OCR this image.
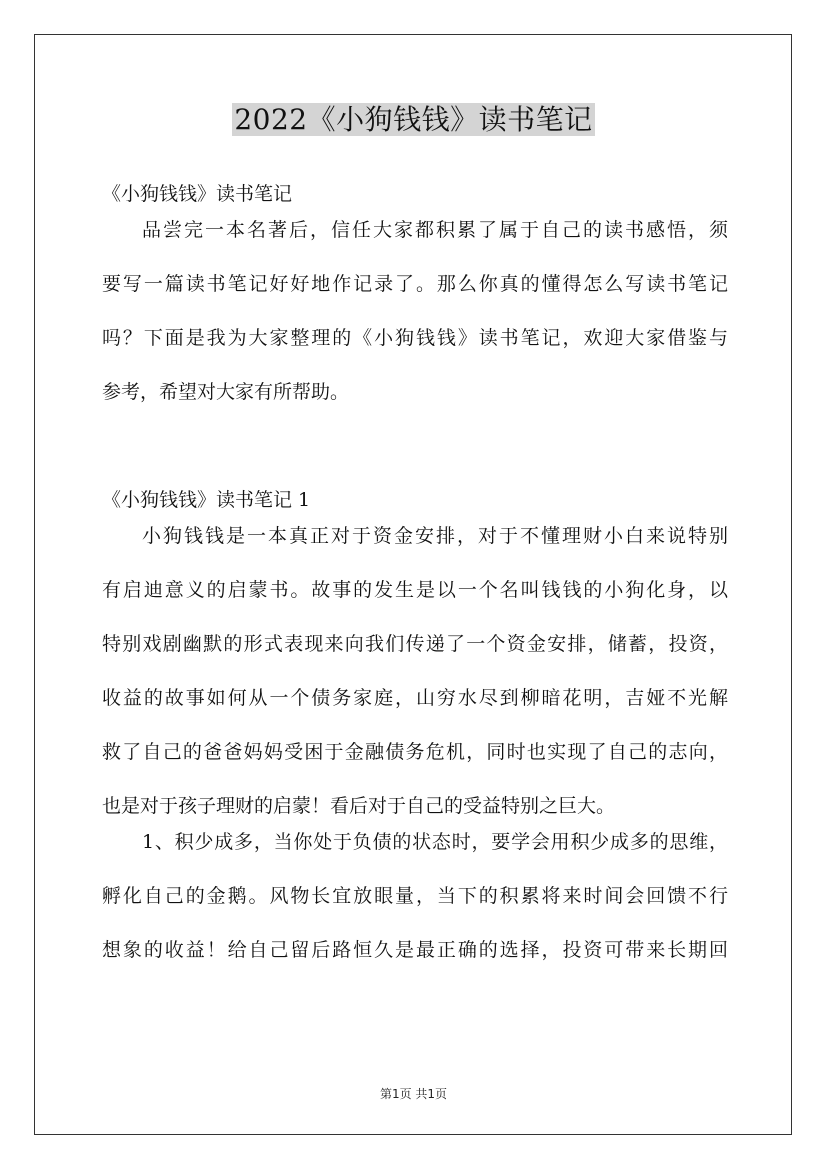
2022《小狗钱钱》读书笔记
《小狗钱钱》读书笔记
品尝完一本名著后，信任大家都积累了属于自己的读书感悟，须
要写一篇读书笔记好好地作记录了。那么你真的懂得怎么写读书笔记
吗？下面是我为大家整理的《小狗钱钱》读书笔记，欢迎大家借鉴与
参考，希望对大家有所帮助。
《小狗钱钱》读书笔记 1
小狗钱钱是一本真正对于资金安排，对于不懂理财小白来说特别
有启迪意义的启蒙书。故事的发生是以一个名叫钱钱的小狗化身，以
特别戏剧幽默的形式表现来向我们传递了一个资金安排，储蓄，投资，
收益的故事如何从一个债务家庭，山穷水尽到柳暗花明，吉娅不光解
救了自己的爸爸妈妈受困于金融债务危机，同时也实现了自己的志向，
也是对于孩子理财的启蒙！看后对于自己的受益特别之巨大。
1、积少成多，当你处于负债的状态时，要学会用积少成多的思维，
孵化自己的金鹅。风物长宜放眼量，当下的积累将来时间会回馈不行
想象的收益！给自己留后路恒久是最正确的选择，投资可带来长期回
第1页 共1页
